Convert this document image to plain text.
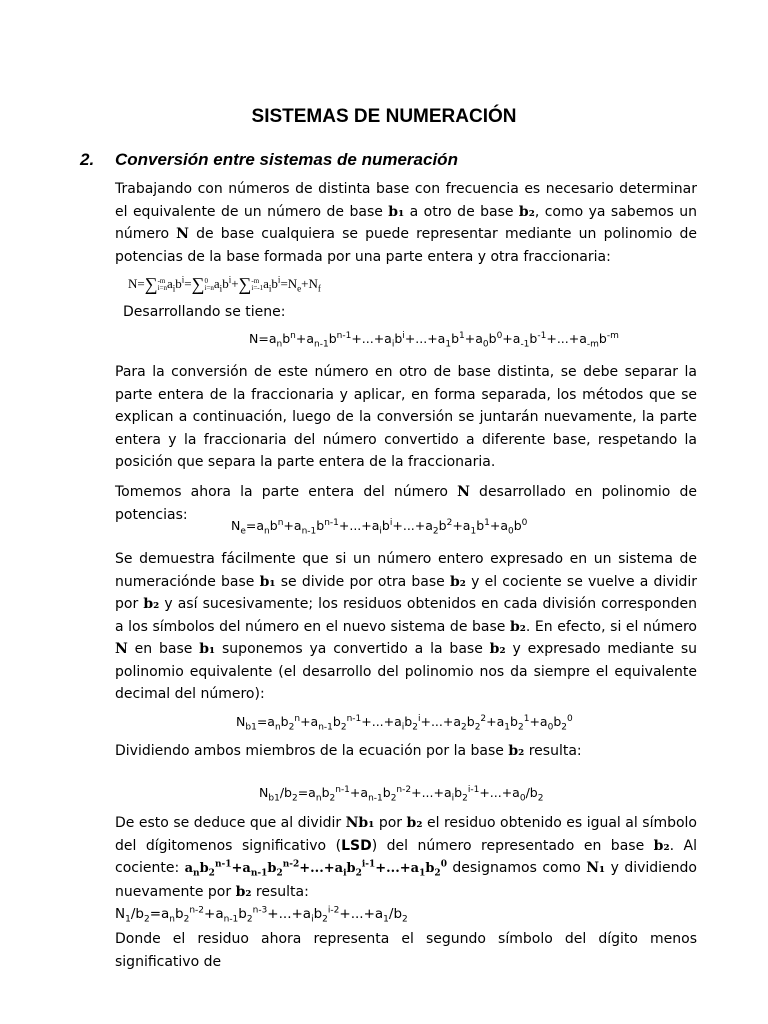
SISTEMAS DE NUMERACIÓN
2. Conversión entre sistemas de numeración
Trabajando con números de distinta base con frecuencia es necesario determinar el equivalente de un número de base b₁ a otro de base b₂, como ya sabemos un número N de base cualquiera se puede representar mediante un polinomio de potencias de la base formada por una parte entera y otra fraccionaria:
N=∑-m
$i=na_ib^i=\sum 0$
$i=na_ib^i+\sum-m$
$i=-1a_ib^i=N_e+N_f$
Desarrollando se tiene:
$N=a_nb^n+a_{n-1}b^{n-1}+...+a_ib^i+...+a_1b^1+a_0b^0+a_{-1}b^{-1}+...+a_{-m}b^{-m}$
Para la conversión de este número en otro de base distinta, se debe separar la parte entera de la fraccionaria y aplicar, en forma separada, los métodos que se explican a continuación, luego de la conversión se juntarán nuevamente, la parte entera y la fraccionaria del número convertido a diferente base, respetando la posición que separa la parte entera de la fraccionaria.
Tomemos ahora la parte entera del número N desarrollado en polinomio de potencias:
$N_e=a_nb^n+a_{n-1}b^{n-1}+...+a_ib^i+...+a_2b^2+a_1b^1+a_0b^0$
Se demuestra fácilmente que si un número entero expresado en un sistema de numeraciónde base b₁ se divide por otra base b₂ y el cociente se vuelve a dividir por b₂ y así sucesivamente; los residuos obtenidos en cada división corresponden a los símbolos del número en el nuevo sistema de base b₂. En efecto, si el número N en base b₁ suponemos ya convertido a la base b₂ y expresado mediante su polinomio equivalente (el desarrollo del polinomio nos da siempre el equivalente decimal del número):
$N_{b1}=a_nb_2^n+a_{n-1}b_2^{n-1}+...+a_ib_2^i+...+a_2b_2^2+a_1b_2^1+a_0b_2^0$
Dividiendo ambos miembros de la ecuación por la base b₂ resulta:
$N_{b1}/b_2=a_nb_2^{n-1}+a_{n-1}b_2^{n-2}+...+a_ib_2^{i-1}+...+a_0/b_2$
De esto se deduce que al dividir Nb₁ por b₂ el residuo obtenido es igual al símbolo del dígitomenos significativo (LSD) del número representado en base b₂. Al cociente: $a_nb_2^{n-1}+a_{n-1}b_2^{n-2}+...+a_ib_2^{i-1}+...+a_1b_2^0$ designamos como N₁ y dividiendo nuevamente por b₂ resulta:
$N_1/b_2=a_nb_2^{n-2}+a_{n-1}b_2^{n-3}+...+a_ib_2^{i-2}+...+a_1/b_2$
Donde el residuo ahora representa el segundo símbolo del dígito menos significativo de
